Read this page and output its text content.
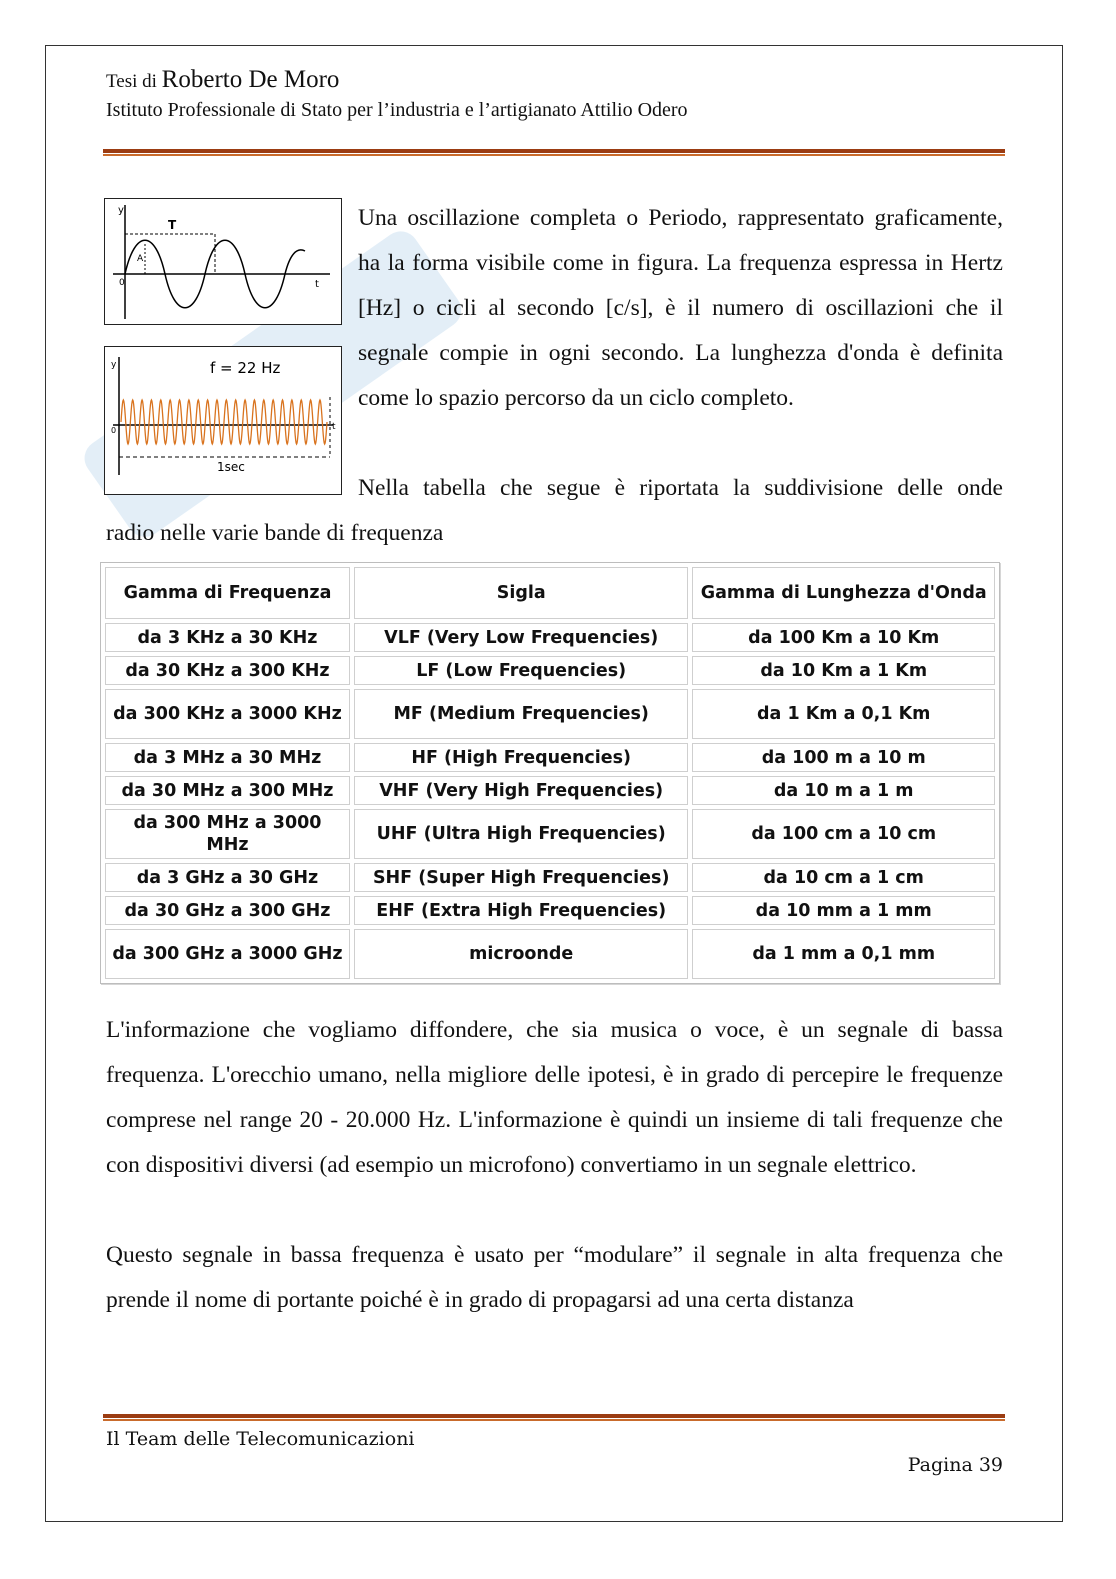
Tesi di Roberto De Moro
Istituto Professionale di Stato per l’industria e l’artigianato Attilio Odero
y
0	t
T
A
y
0	t
f = 22 Hz
1sec
Una oscillazione completa o Periodo, rappresentato graficamente, ha la forma visibile come in figura. La frequenza espressa in Hertz [Hz] o cicli al secondo [c/s], è il numero di oscillazioni che il segnale compie in ogni secondo. La lunghezza d'onda è definita come lo spazio percorso da un ciclo completo.
Nella tabella che segue è riportata la suddivisione delle onde
radio nelle varie bande di frequenza
Gamma di Frequenza	Sigla	Gamma di Lunghezza d'Onda
da 3 KHz a 30 KHz	VLF (Very Low Frequencies)	da 100 Km a 10 Km
da 30 KHz a 300 KHz	LF (Low Frequencies)	da 10 Km a 1 Km
da 300 KHz a 3000 KHz	MF (Medium Frequencies)	da 1 Km a 0,1 Km
da 3 MHz a 30 MHz	HF (High Frequencies)	da 100 m a 10 m
da 30 MHz a 300 MHz	VHF (Very High Frequencies)	da 10 m a 1 m
da 300 MHz a 3000 MHz	UHF (Ultra High Frequencies)	da 100 cm a 10 cm
da 3 GHz a 30 GHz	SHF (Super High Frequencies)	da 10 cm a 1 cm
da 30 GHz a 300 GHz	EHF (Extra High Frequencies)	da 10 mm a 1 mm
da 300 GHz a 3000 GHz	microonde	da 1 mm a 0,1 mm
L'informazione che vogliamo diffondere, che sia musica o voce, è un segnale di bassa frequenza. L'orecchio umano, nella migliore delle ipotesi, è in grado di percepire le frequenze comprese nel range 20 - 20.000 Hz. L'informazione è quindi un insieme di tali frequenze che con dispositivi diversi (ad esempio un microfono) convertiamo in un segnale elettrico.
Questo segnale in bassa frequenza è usato per “modulare” il segnale in alta frequenza che prende il nome di portante poiché è in grado di propagarsi ad una certa distanza
Il Team delle Telecomunicazioni
Pagina 39
